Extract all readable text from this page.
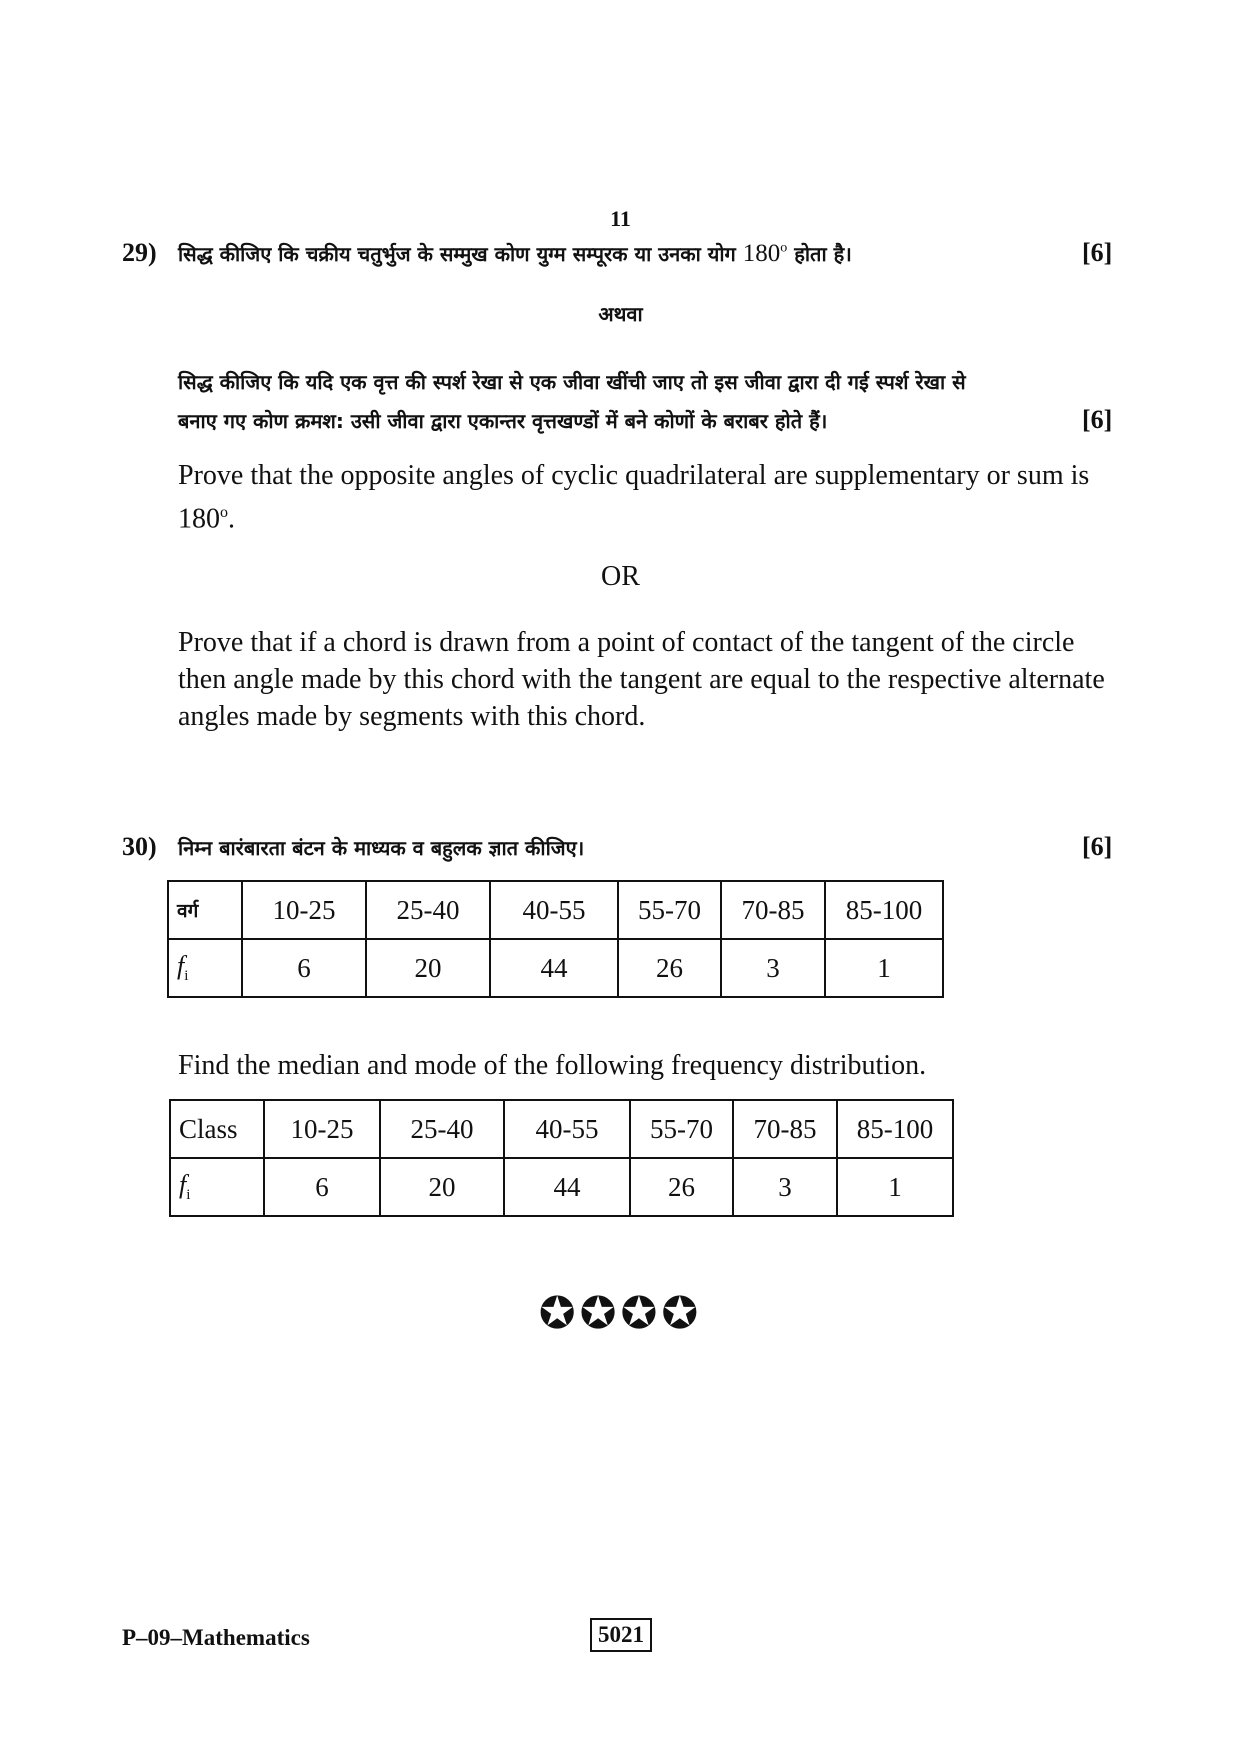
11
29) सिद्ध कीजिए कि चक्रीय चतुर्भुज के सम्मुख कोण युग्म सम्पूरक या उनका योग 180$^o$ होता है।	[6]
अथवा
सिद्ध कीजिए कि यदि एक वृत्त की स्पर्श रेखा से एक जीवा खींची जाए तो इस जीवा द्वारा दी गई स्पर्श रेखा से
बनाए गए कोण क्रमश: उसी जीवा द्वारा एकान्तर वृत्तखण्डों में बने कोणों के बराबर होते हैं।	[6]
Prove that the opposite angles of cyclic quadrilateral are supplementary or sum is
180$^o$.
OR
Prove that if a chord is drawn from a point of contact of the tangent of the circle
then angle made by this chord with the tangent are equal to the respective alternate
angles made by segments with this chord.
30) निम्न बारंबारता बंटन के माध्यक व बहुलक ज्ञात कीजिए।	[6]
वर्ग	10-25	25-40	40-55	55-70	70-85	85-100
$f_i$	6	20	44	26	3	1
Find the median and mode of the following frequency distribution.
Class	10-25	25-40	40-55	55-70	70-85	85-100
$f_i$	6	20	44	26	3	1
✪✪✪✪
P–09–Mathematics	5021
